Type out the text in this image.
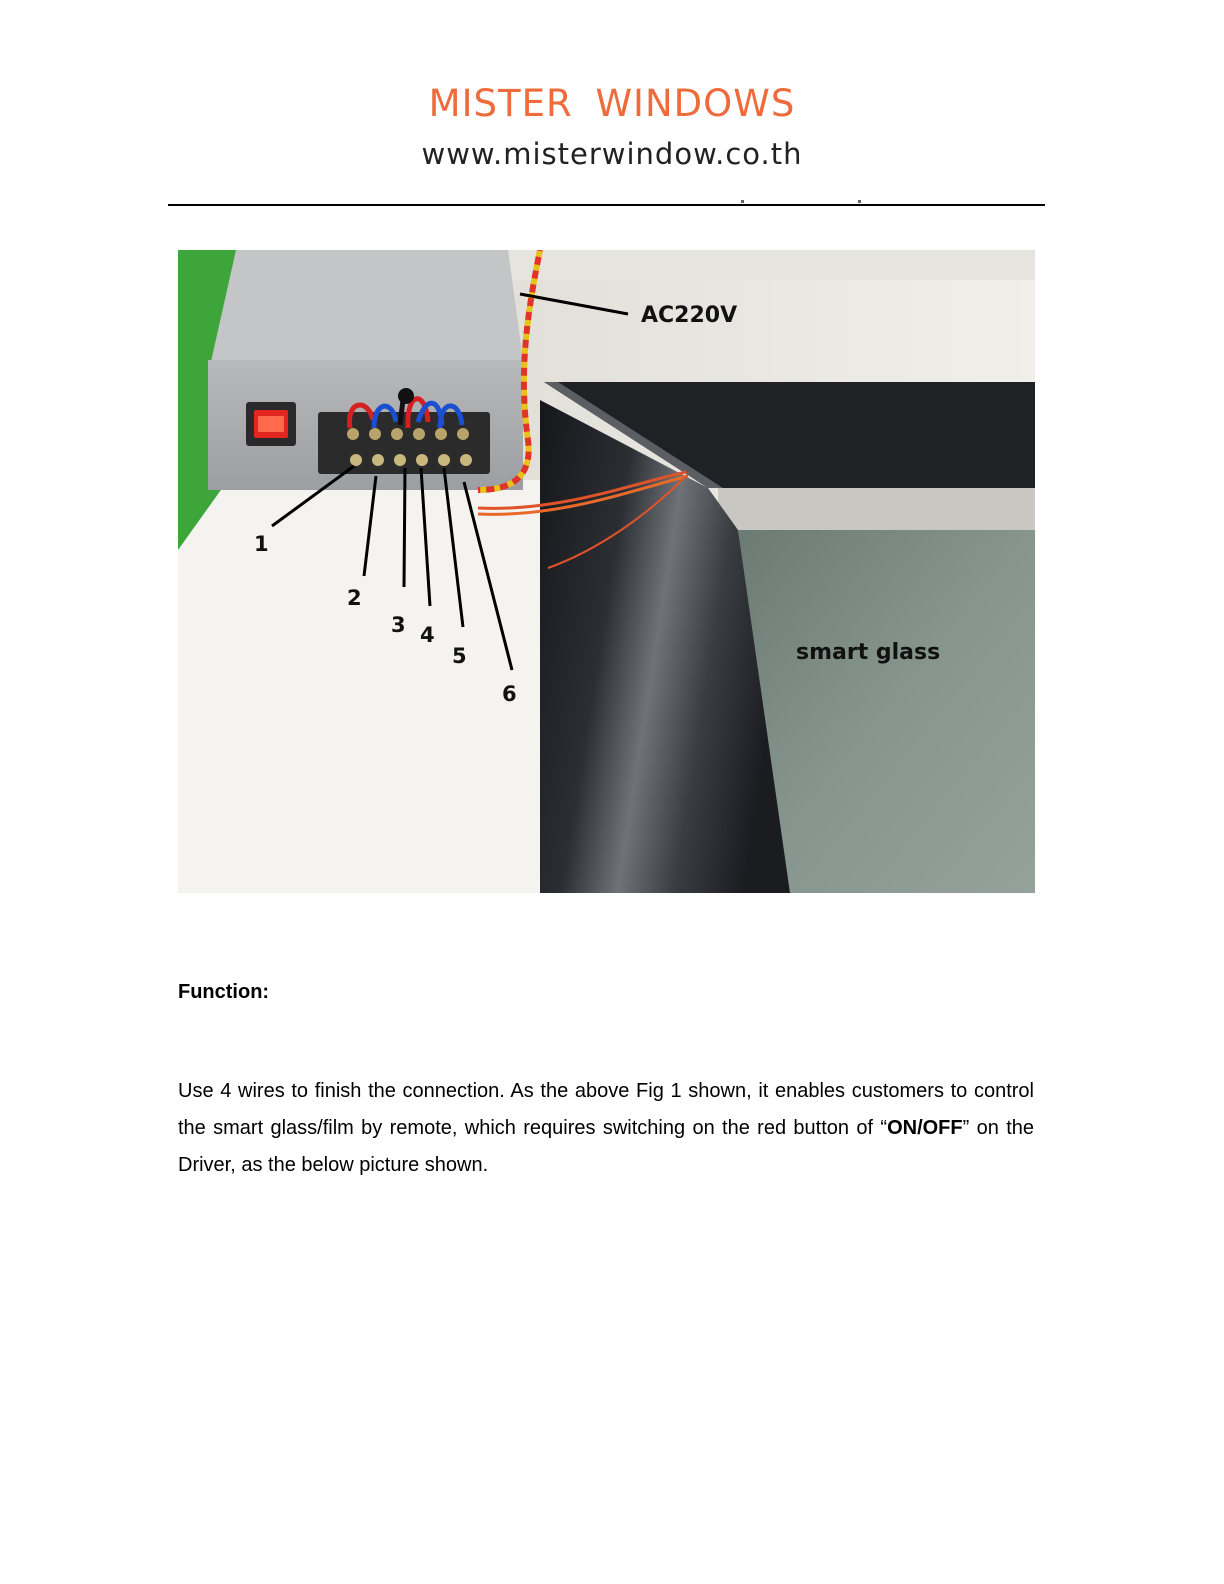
MISTER WINDOWS
www.misterwindow.co.th
AC220V
smart glass
1
2
3 4
5
6
Function:

Use 4 wires to finish the connection. As the above Fig 1 shown, it enables customers to control the smart glass/film by remote, which requires switching on the red button of “ON/OFF” on the Driver, as the below picture shown.
